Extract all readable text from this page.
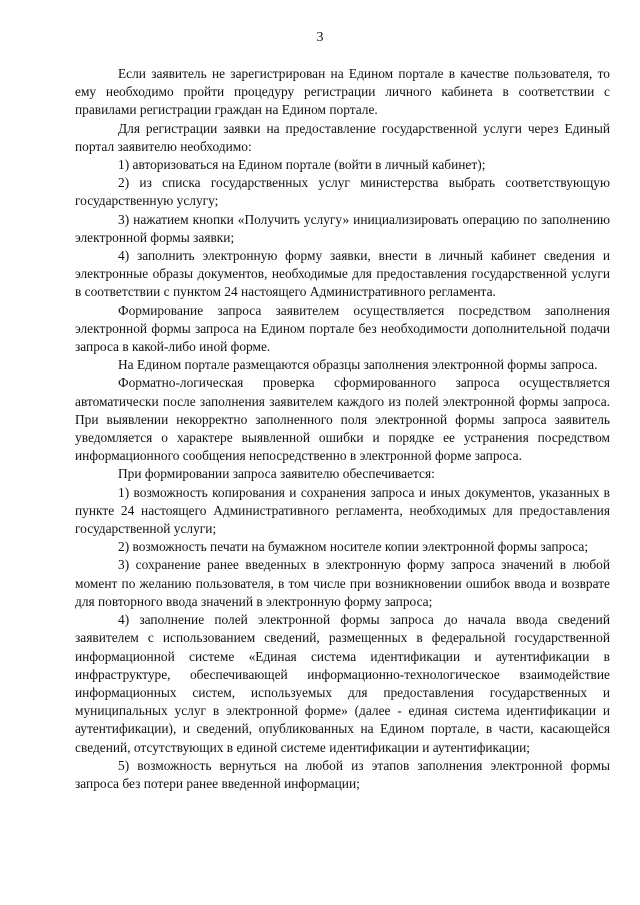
3

Если заявитель не зарегистрирован на Едином портале в качестве пользователя, то ему необходимо пройти процедуру регистрации личного кабинета в соответствии с правилами регистрации граждан на Едином портале.

Для регистрации заявки на предоставление государственной услуги через Единый портал заявителю необходимо:

1) авторизоваться на Едином портале (войти в личный кабинет);

2) из списка государственных услуг министерства выбрать соответствующую государственную услугу;

3) нажатием кнопки «Получить услугу» инициализировать операцию по заполнению электронной формы заявки;

4) заполнить электронную форму заявки, внести в личный кабинет сведения и электронные образы документов, необходимые для предоставления государственной услуги в соответствии с пунктом 24 настоящего Административного регламента.

Формирование запроса заявителем осуществляется посредством заполнения электронной формы запроса на Едином портале без необходимости дополнительной подачи запроса в какой-либо иной форме.

На Едином портале размещаются образцы заполнения электронной формы запроса.

Форматно-логическая проверка сформированного запроса осуществляется автоматически после заполнения заявителем каждого из полей электронной формы запроса. При выявлении некорректно заполненного поля электронной формы запроса заявитель уведомляется о характере выявленной ошибки и порядке ее устранения посредством информационного сообщения непосредственно в электронной форме запроса.

При формировании запроса заявителю обеспечивается:

1) возможность копирования и сохранения запроса и иных документов, указанных в пункте 24 настоящего Административного регламента, необходимых для предоставления государственной услуги;

2) возможность печати на бумажном носителе копии электронной формы запроса;

3) сохранение ранее введенных в электронную форму запроса значений в любой момент по желанию пользователя, в том числе при возникновении ошибок ввода и возврате для повторного ввода значений в электронную форму запроса;

4) заполнение полей электронной формы запроса до начала ввода сведений заявителем с использованием сведений, размещенных в федеральной государственной информационной системе «Единая система идентификации и аутентификации в инфраструктуре, обеспечивающей информационно-технологическое взаимодействие информационных систем, используемых для предоставления государственных и муниципальных услуг в электронной форме» (далее - единая система идентификации и аутентификации), и сведений, опубликованных на Едином портале, в части, касающейся сведений, отсутствующих в единой системе идентификации и аутентификации;

5) возможность вернуться на любой из этапов заполнения электронной формы запроса без потери ранее введенной информации;
